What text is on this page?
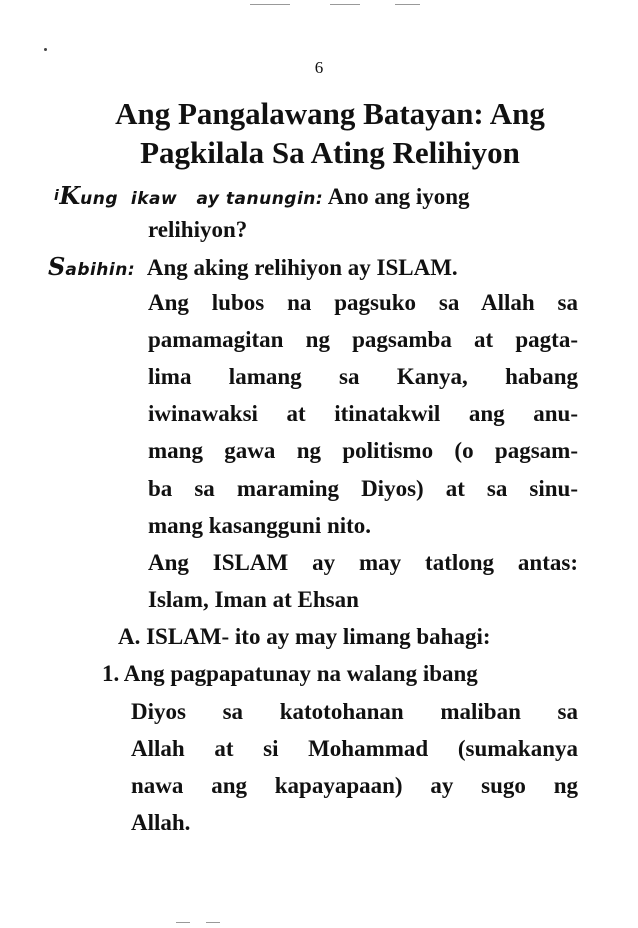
6
Ang Pangalawang Batayan: Ang
Pagkilala Sa Ating Relihiyon
$^i$Kung  ikaw   ay tanungin: Ano ang iyong
relihiyon?
Sabihin: Ang aking relihiyon ay ISLAM.
Ang lubos na pagsuko sa Allah sa
pamamagitan ng pagsamba at pagta-
lima lamang sa Kanya, habang
iwinawaksi at itinatakwil ang anu-
mang gawa ng politismo (o pagsam-
ba sa maraming Diyos) at sa sinu-
mang kasangguni nito.
Ang ISLAM ay may tatlong antas:
Islam, Iman at Ehsan
A. ISLAM- ito ay may limang bahagi:
1. Ang pagpapatunay na walang ibang
Diyos sa katotohanan maliban sa
Allah at si Mohammad (sumakanya
nawa ang kapayapaan) ay sugo ng
Allah.
